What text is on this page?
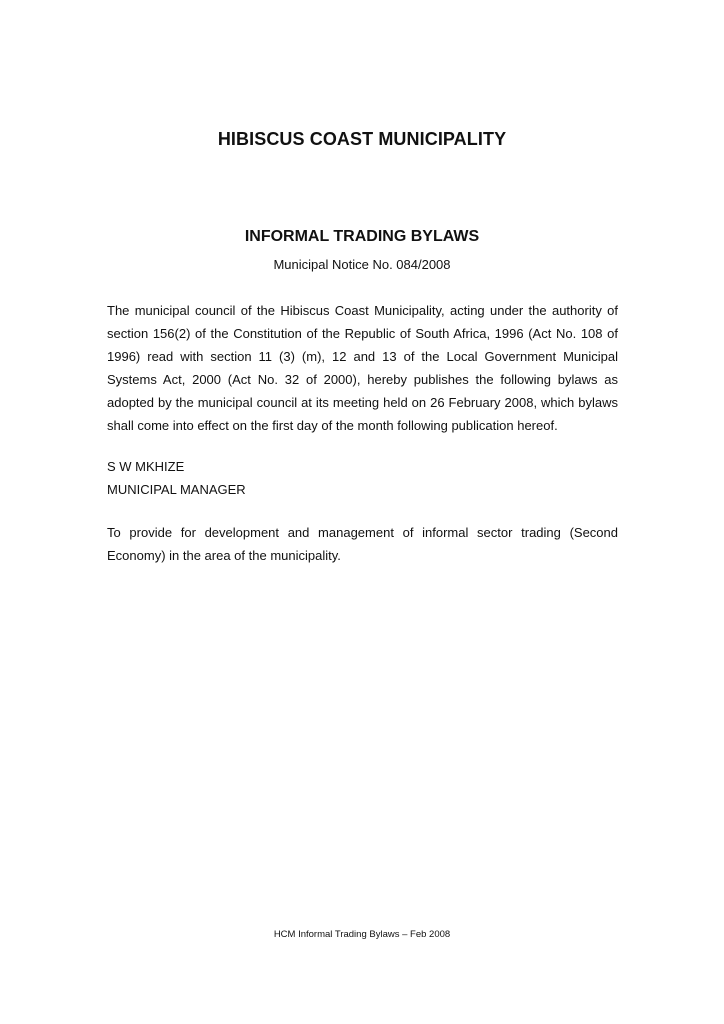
HIBISCUS COAST MUNICIPALITY
INFORMAL TRADING BYLAWS

Municipal Notice No. 084/2008

The municipal council of the Hibiscus Coast Municipality, acting under the authority of section 156(2) of the Constitution of the Republic of South Africa, 1996 (Act No. 108 of 1996) read with section 11 (3) (m), 12 and 13 of the Local Government Municipal Systems Act, 2000 (Act No. 32 of 2000), hereby publishes the following bylaws as adopted by the municipal council at its meeting held on 26 February 2008, which bylaws shall come into effect on the first day of the month following publication hereof.

S W MKHIZE
MUNICIPAL MANAGER

To provide for development and management of informal sector trading (Second Economy) in the area of the municipality.

HCM Informal Trading Bylaws – Feb 2008
